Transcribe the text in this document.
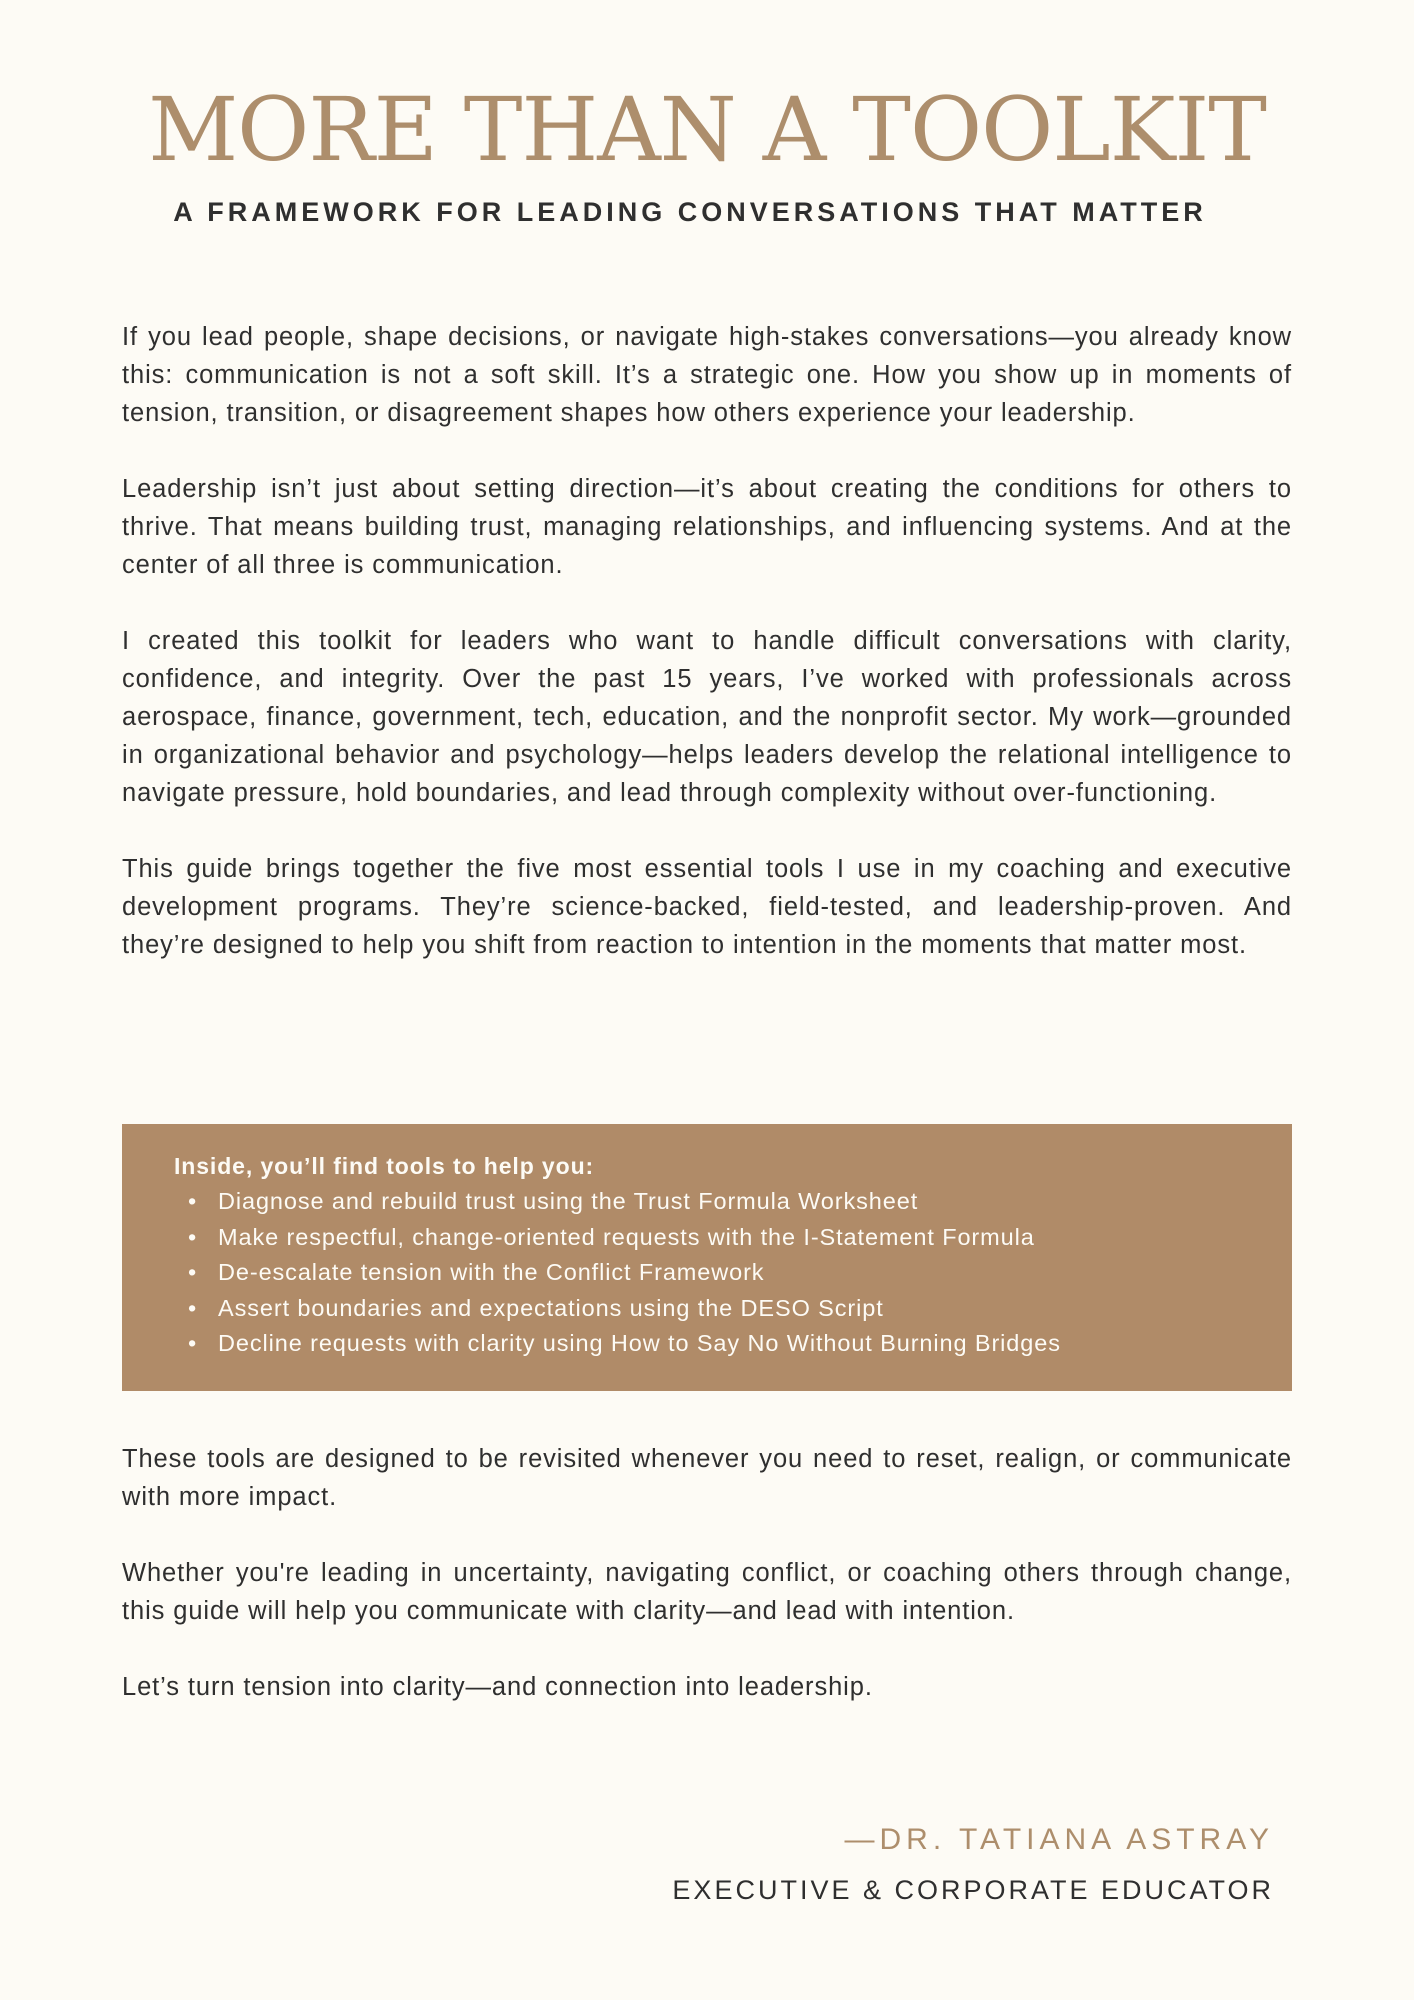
MORE THAN A TOOLKIT
A FRAMEWORK FOR LEADING CONVERSATIONS THAT MATTER

If you lead people, shape decisions, or navigate high-stakes conversations—you already know this: communication is not a soft skill. It’s a strategic one. How you show up in moments of tension, transition, or disagreement shapes how others experience your leadership.

Leadership isn’t just about setting direction—it’s about creating the conditions for others to thrive. That means building trust, managing relationships, and influencing systems. And at the center of all three is communication.

I created this toolkit for leaders who want to handle difficult conversations with clarity, confidence, and integrity. Over the past 15 years, I’ve worked with professionals across aerospace, finance, government, tech, education, and the nonprofit sector. My work—grounded in organizational behavior and psychology—helps leaders develop the relational intelligence to navigate pressure, hold boundaries, and lead through complexity without over-functioning.

This guide brings together the five most essential tools I use in my coaching and executive development programs. They’re science-backed, field-tested, and leadership-proven. And they’re designed to help you shift from reaction to intention in the moments that matter most.

Inside, you’ll find tools to help you:

• Diagnose and rebuild trust using the Trust Formula Worksheet
• Make respectful, change-oriented requests with the I-Statement Formula
• De-escalate tension with the Conflict Framework
• Assert boundaries and expectations using the DESO Script
• Decline requests with clarity using How to Say No Without Burning Bridges

These tools are designed to be revisited whenever you need to reset, realign, or communicate with more impact.

Whether you're leading in uncertainty, navigating conflict, or coaching others through change, this guide will help you communicate with clarity—and lead with intention.

Let’s turn tension into clarity—and connection into leadership.

—DR. TATIANA ASTRAY

EXECUTIVE & CORPORATE EDUCATOR
